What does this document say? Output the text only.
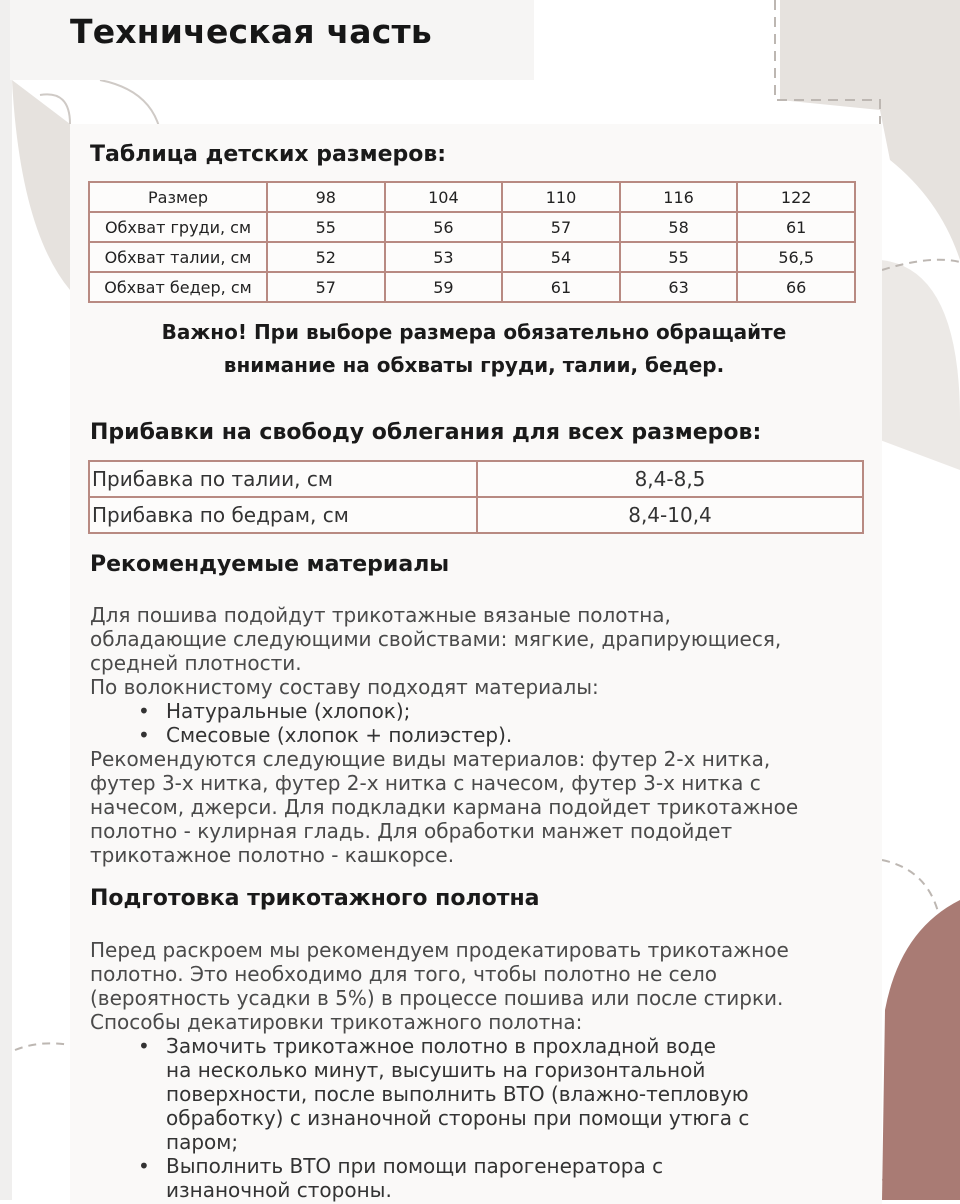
Техническая часть
Таблица детских размеров:
Размер	98	104	110	116	122
Обхват груди, см	55	56	57	58	61
Обхват талии, см	52	53	54	55	56,5
Обхват бедер, см	57	59	61	63	66

Важно! При выборе размера обязательно обращайте
внимание на обхваты груди, талии, бедер.

Прибавки на свободу облегания для всех размеров:
Прибавка по талии, см	8,4-8,5
Прибавка по бедрам, см	8,4-10,4
Рекомендуемые материалы

Для пошива подойдут трикотажные вязаные полотна,
обладающие следующими свойствами: мягкие, драпирующиеся,
средней плотности.
По волокнистому составу подходят материалы:

• Натуральные (хлопок);
• Смесовые (хлопок + полиэстер).

Рекомендуются следующие виды материалов: футер 2-х нитка,
футер 3-х нитка, футер 2-х нитка с начесом, футер 3-х нитка с
начесом, джерси. Для подкладки кармана подойдет трикотажное
полотно - кулирная гладь. Для обработки манжет подойдет
трикотажное полотно - кашкорсе.

Подготовка трикотажного полотна

Перед раскроем мы рекомендуем продекатировать трикотажное
полотно. Это необходимо для того, чтобы полотно не село
(вероятность усадки в 5%) в процессе пошива или после стирки.
Способы декатировки трикотажного полотна:

• Замочить трикотажное полотно в прохладной воде
на несколько минут, высушить на горизонтальной
поверхности, после выполнить ВТО (влажно-тепловую
обработку) с изнаночной стороны при помощи утюга с
паром;

• Выполнить ВТО при помощи парогенератора с
изнаночной стороны.
